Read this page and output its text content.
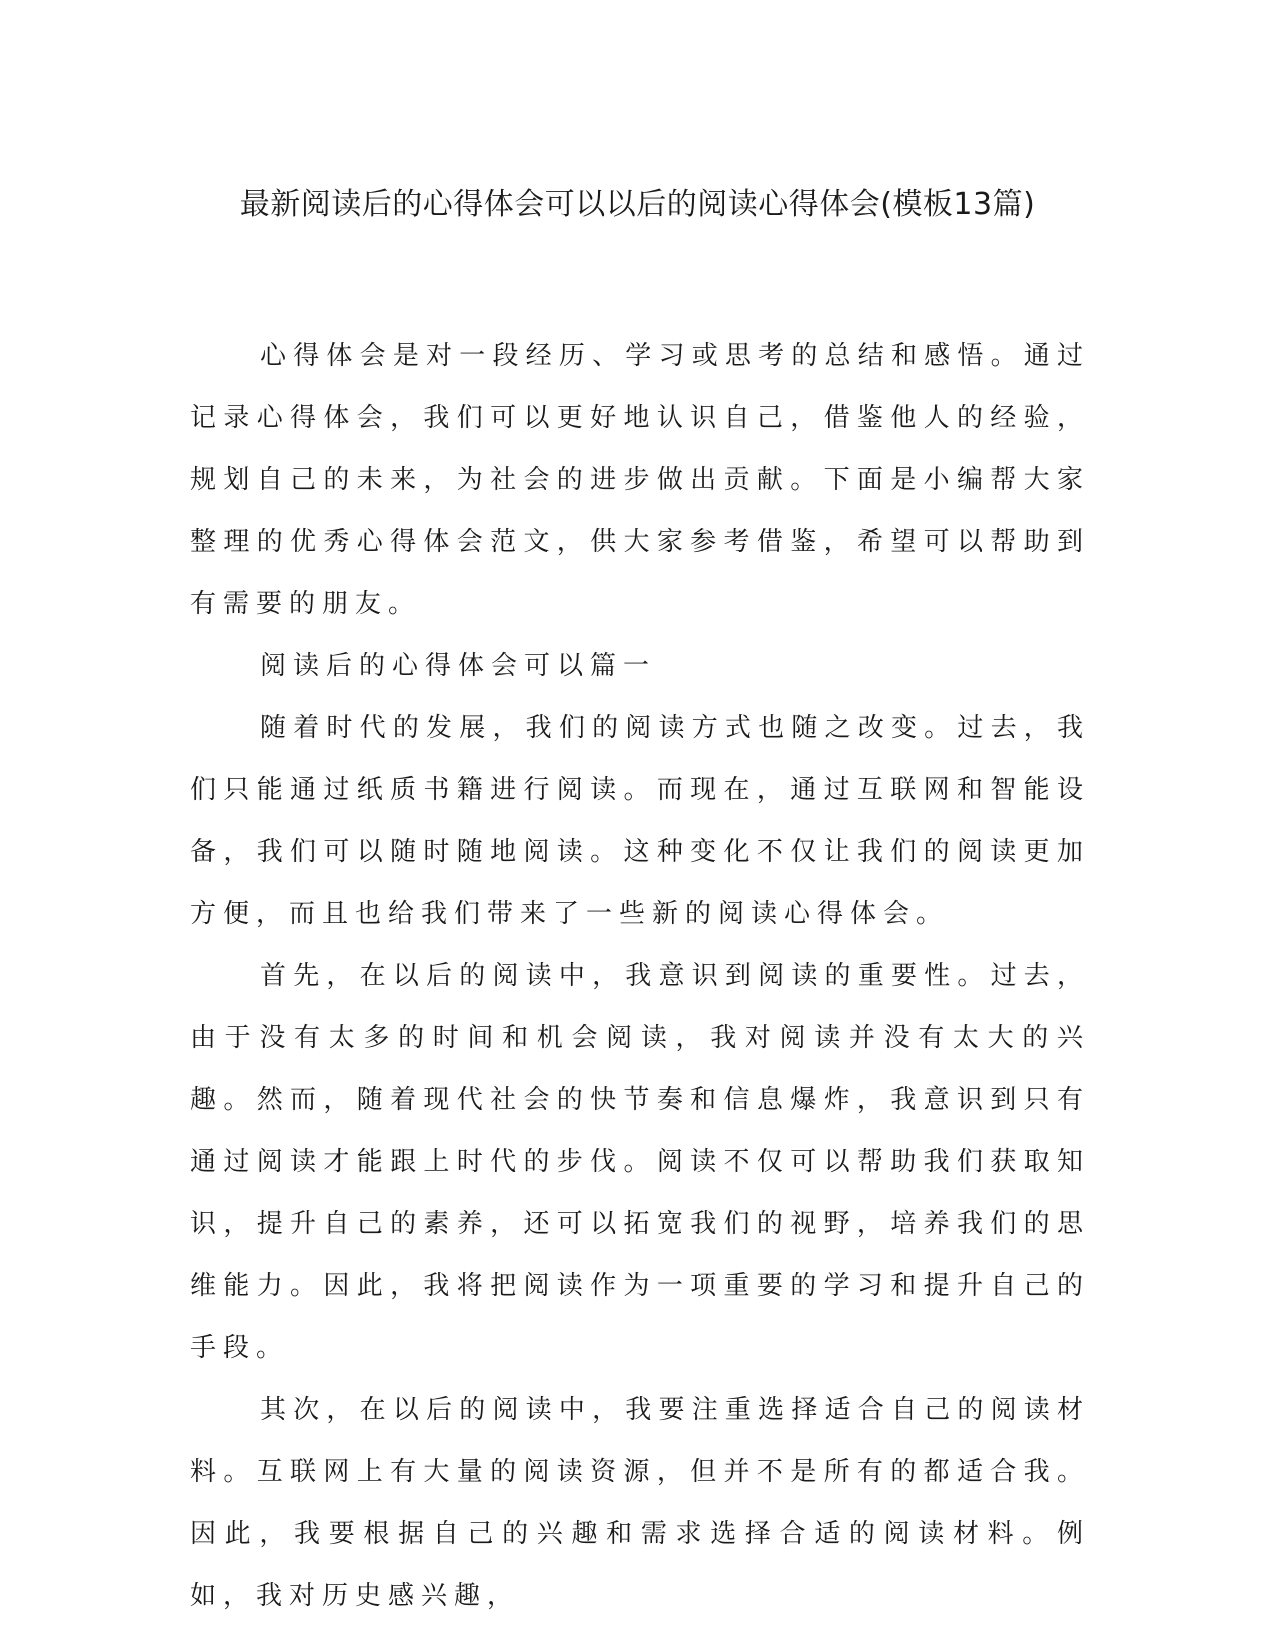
最新阅读后的心得体会可以以后的阅读心得体会(模板13篇)

心得体会是对一段经历、学习或思考的总结和感悟。通过记录心得体会，我们可以更好地认识自己，借鉴他人的经验，规划自己的未来，为社会的进步做出贡献。下面是小编帮大家整理的优秀心得体会范文，供大家参考借鉴，希望可以帮助到有需要的朋友。

阅读后的心得体会可以篇一

随着时代的发展，我们的阅读方式也随之改变。过去，我们只能通过纸质书籍进行阅读。而现在，通过互联网和智能设备，我们可以随时随地阅读。这种变化不仅让我们的阅读更加方便，而且也给我们带来了一些新的阅读心得体会。

首先，在以后的阅读中，我意识到阅读的重要性。过去，由于没有太多的时间和机会阅读，我对阅读并没有太大的兴趣。然而，随着现代社会的快节奏和信息爆炸，我意识到只有通过阅读才能跟上时代的步伐。阅读不仅可以帮助我们获取知识，提升自己的素养，还可以拓宽我们的视野，培养我们的思维能力。因此，我将把阅读作为一项重要的学习和提升自己的手段。

其次，在以后的阅读中，我要注重选择适合自己的阅读材料。互联网上有大量的阅读资源，但并不是所有的都适合我。因此，我要根据自己的兴趣和需求选择合适的阅读材料。例如，我对历史感兴趣，
